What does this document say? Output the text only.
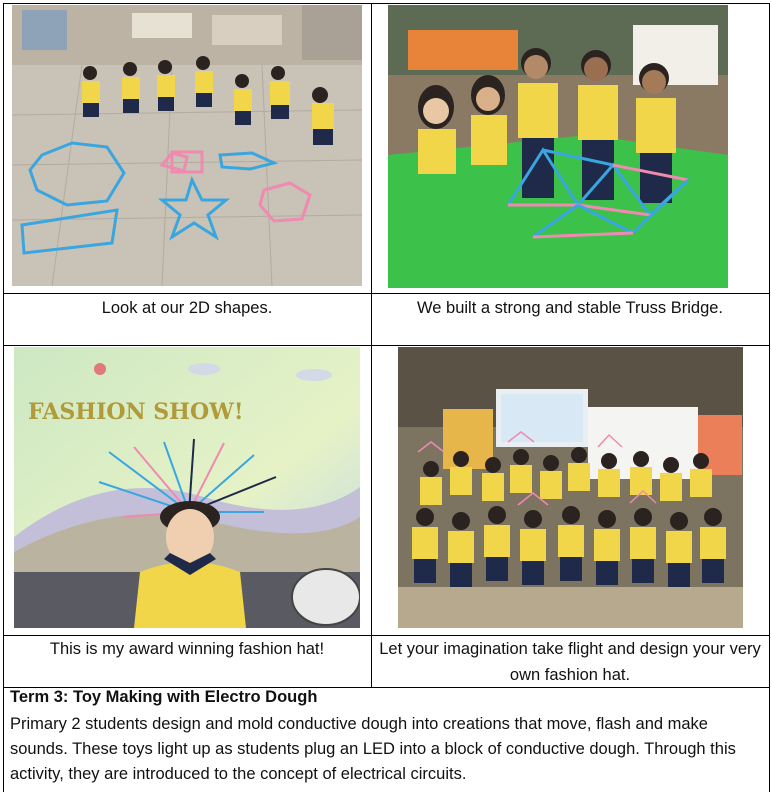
FASHION SHOW!
Look at our 2D shapes.	We built a strong and stable Truss Bridge.
This is my award winning fashion hat!	Let your imagination take flight and design your very own fashion hat.
Term 3: Toy Making with Electro Dough
Primary 2 students design and mold conductive dough into creations that move, flash and make sounds. These toys light up as students plug an LED into a block of conductive dough. Through this activity, they are introduced to the concept of electrical circuits.
